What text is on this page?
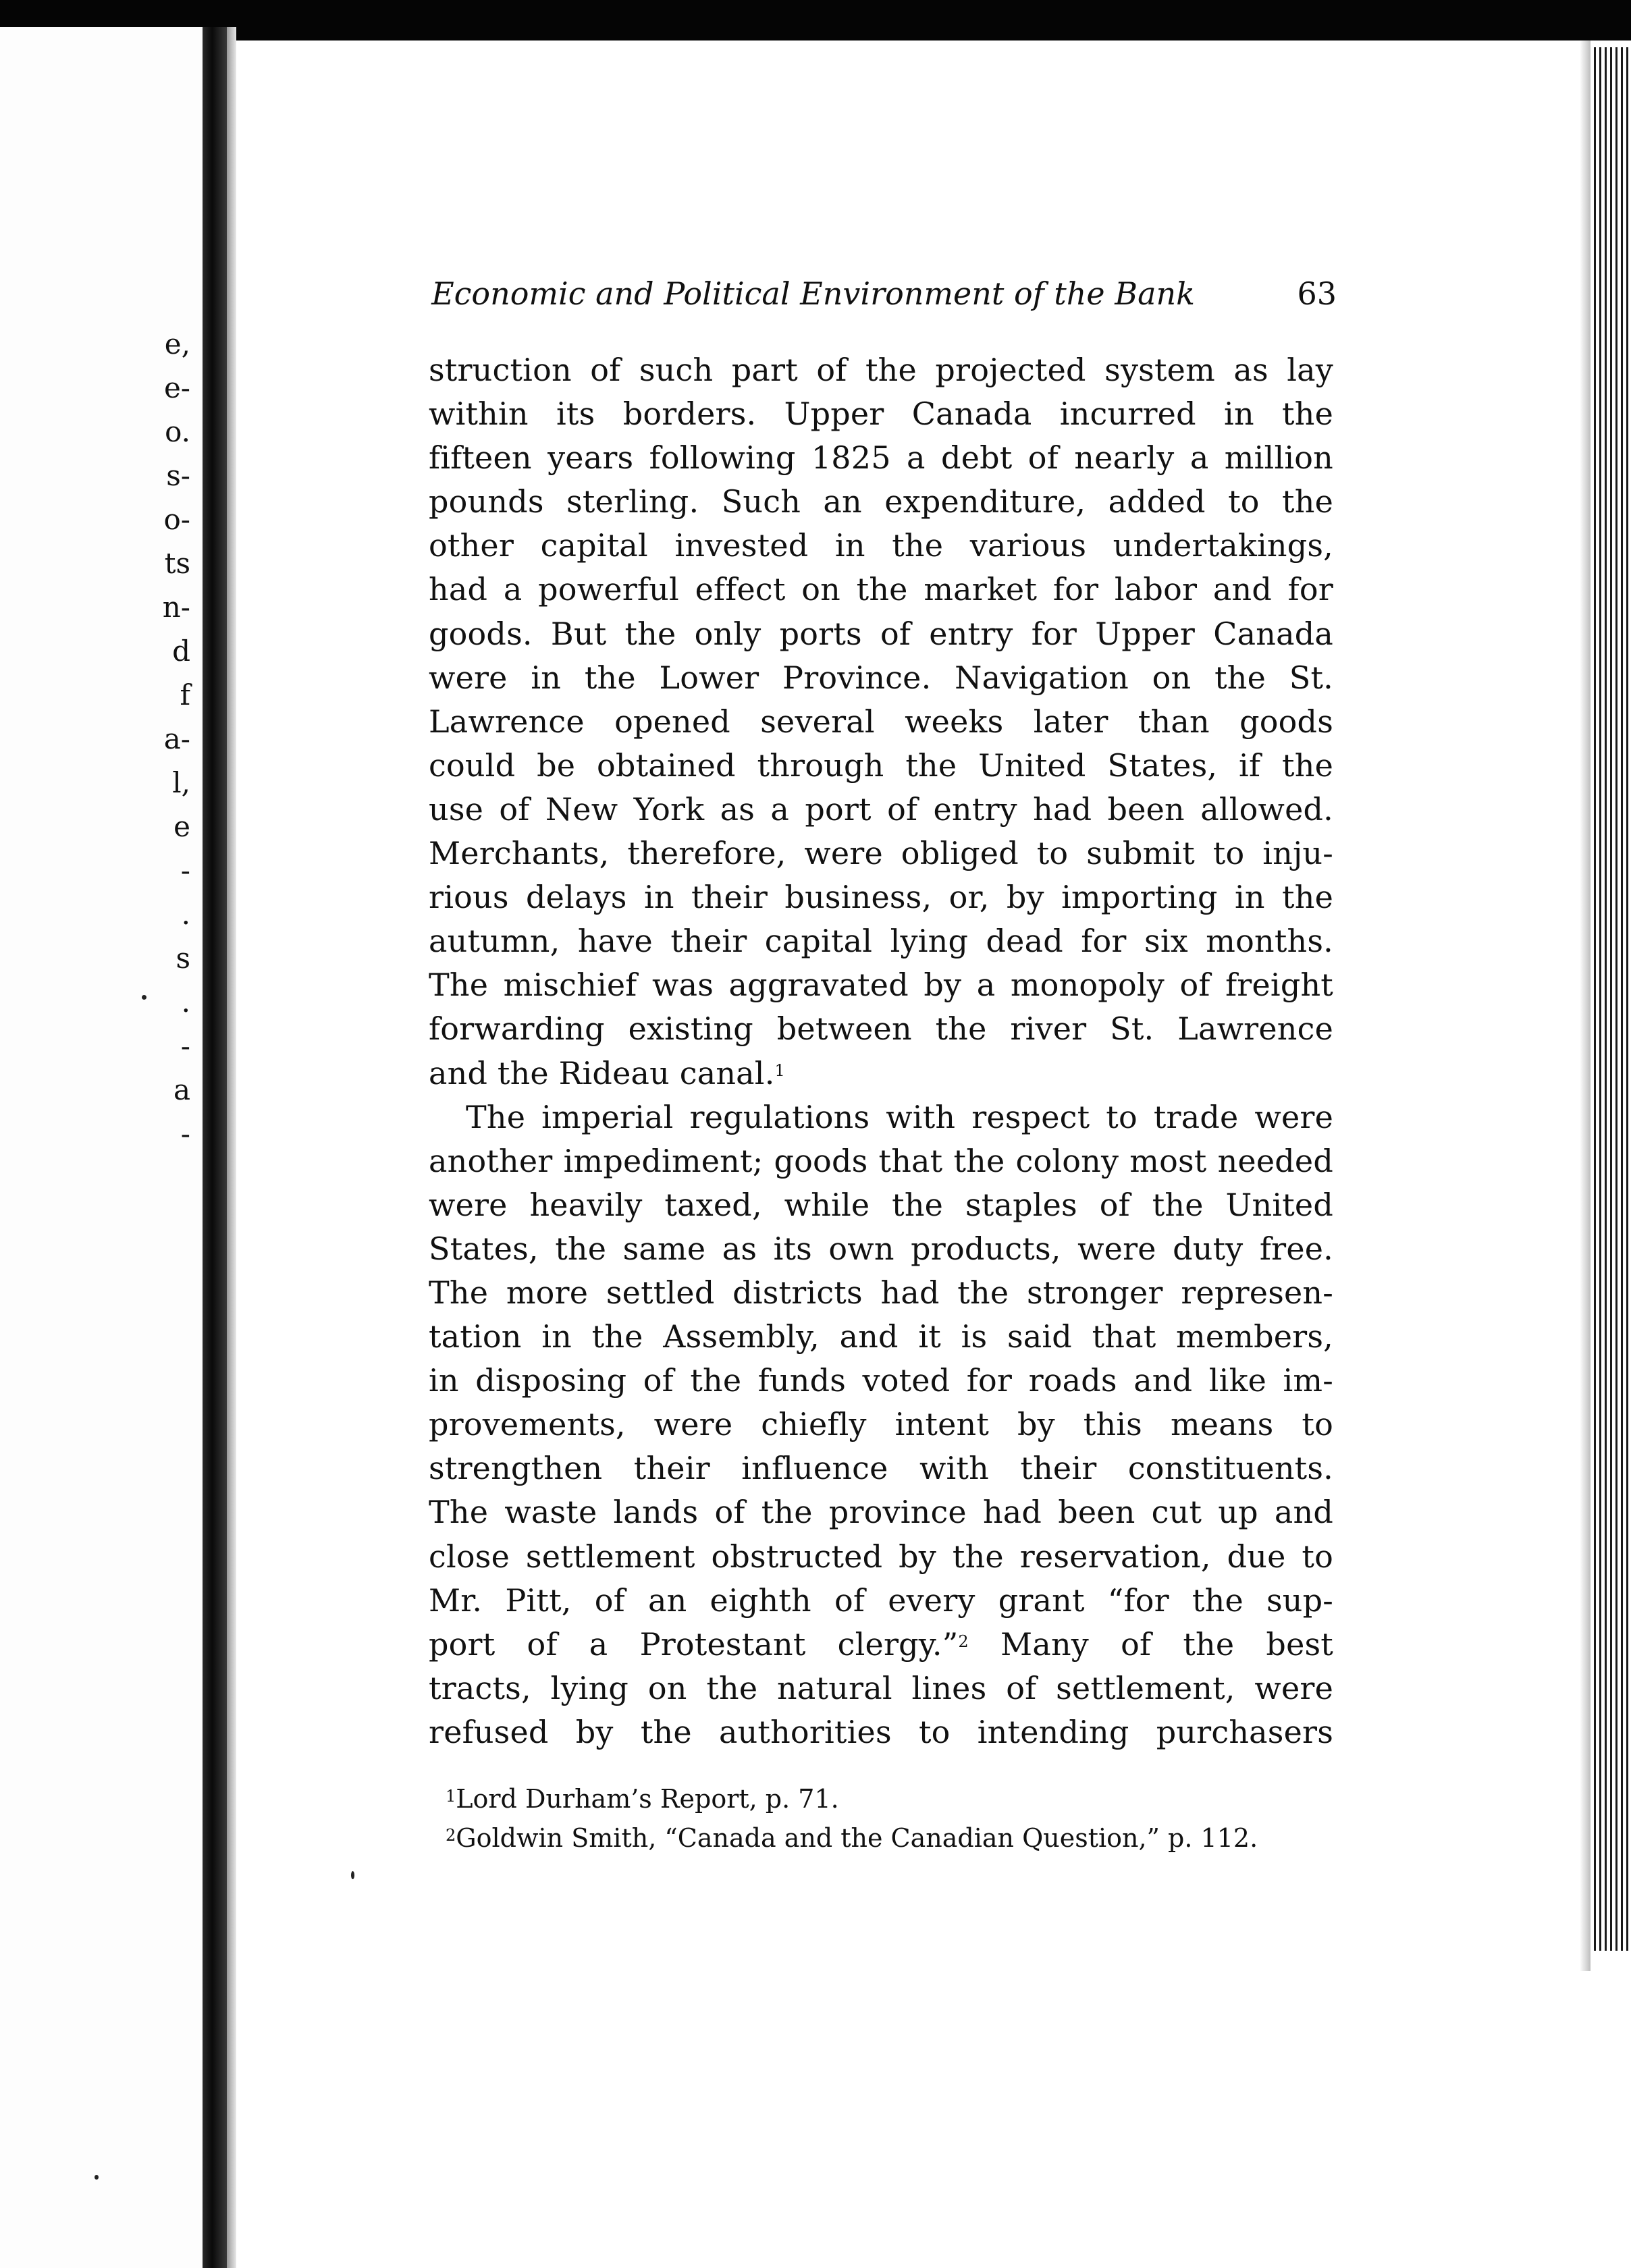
e,
e-
o.
s-
o-
ts
n-
d
f
a-
l,
e
-
.
s
.
-
a
-
Economic and Political Environment of the Bank	63
struction of such part of the projected system as lay
within its borders. Upper Canada incurred in the
fifteen years following 1825 a debt of nearly a million
pounds sterling. Such an expenditure, added to the
other capital invested in the various undertakings,
had a powerful effect on the market for labor and for
goods. But the only ports of entry for Upper Canada
were in the Lower Province. Navigation on the St.
Lawrence opened several weeks later than goods
could be obtained through the United States, if the
use of New York as a port of entry had been allowed.
Merchants, therefore, were obliged to submit to inju-
rious delays in their business, or, by importing in the
autumn, have their capital lying dead for six months.
The mischief was aggravated by a monopoly of freight
forwarding existing between the river St. Lawrence
and the Rideau canal.$^1$
The imperial regulations with respect to trade were
another impediment; goods that the colony most needed
were heavily taxed, while the staples of the United
States, the same as its own products, were duty free.
The more settled districts had the stronger represen-
tation in the Assembly, and it is said that members,
in disposing of the funds voted for roads and like im-
provements, were chiefly intent by this means to
strengthen their influence with their constituents.
The waste lands of the province had been cut up and
close settlement obstructed by the reservation, due to
Mr. Pitt, of an eighth of every grant “for the sup-
port of a Protestant clergy.”$^2$ Many of the best
tracts, lying on the natural lines of settlement, were
refused by the authorities to intending purchasers
$^1$Lord Durham’s Report, p. 71.
$^2$Goldwin Smith, “Canada and the Canadian Question,” p. 112.
